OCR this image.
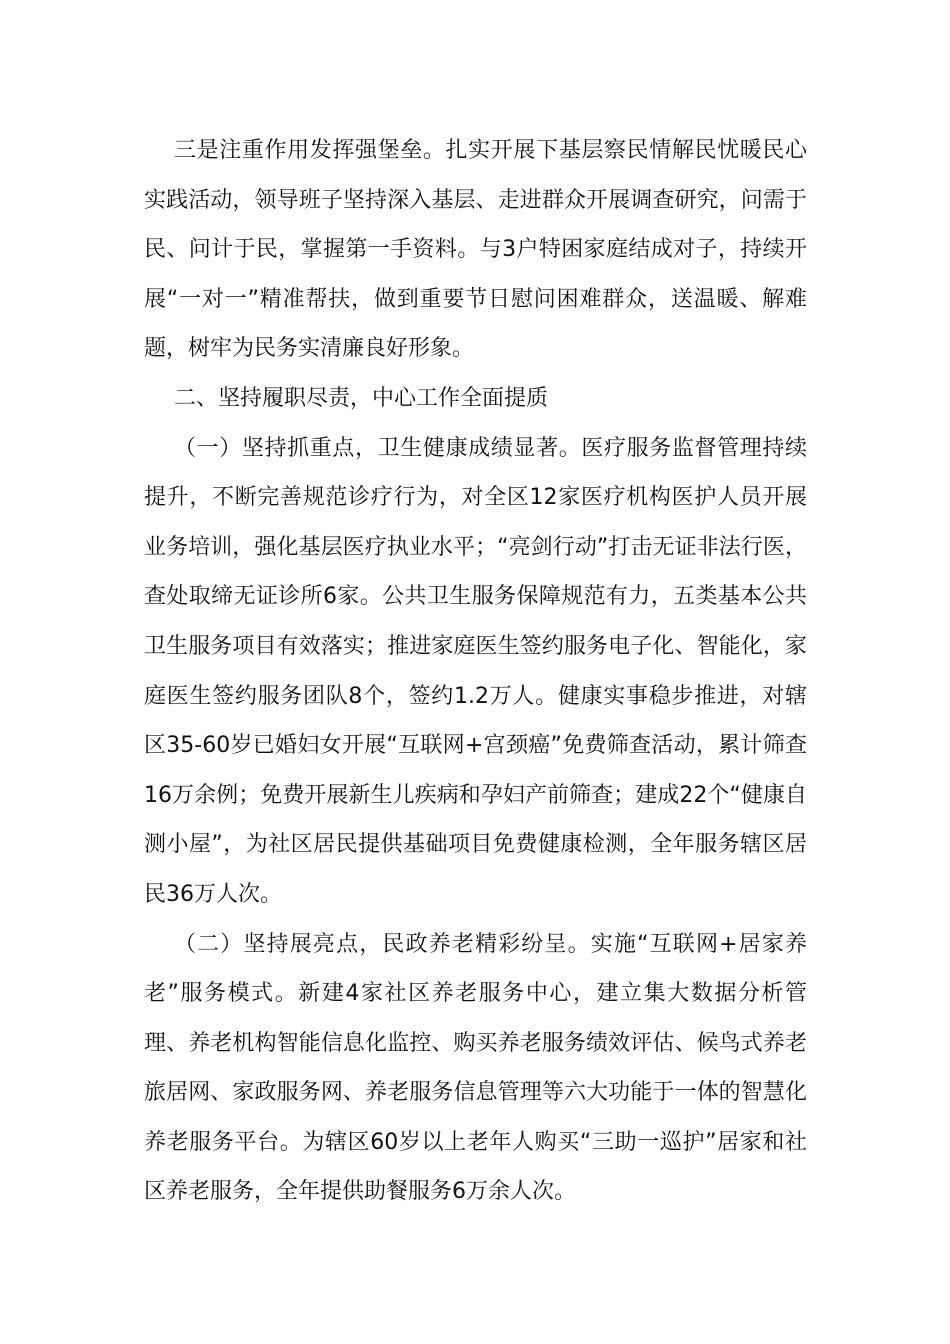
三是注重作用发挥强堡垒。扎实开展下基层察民情解民忧暖民心实践活动，领导班子坚持深入基层、走进群众开展调查研究，问需于民、问计于民，掌握第一手资料。与3户特困家庭结成对子，持续开展“一对一”精准帮扶，做到重要节日慰问困难群众，送温暖、解难题，树牢为民务实清廉良好形象。

二、坚持履职尽责，中心工作全面提质

（一）坚持抓重点，卫生健康成绩显著。医疗服务监督管理持续提升，不断完善规范诊疗行为，对全区12家医疗机构医护人员开展业务培训，强化基层医疗执业水平；“亮剑行动”打击无证非法行医，查处取缔无证诊所6家。公共卫生服务保障规范有力，五类基本公共卫生服务项目有效落实；推进家庭医生签约服务电子化、智能化，家庭医生签约服务团队8个，签约1.2万人。健康实事稳步推进，对辖区35-60岁已婚妇女开展“互联网+宫颈癌”免费筛查活动，累计筛查16万余例；免费开展新生儿疾病和孕妇产前筛查；建成22个“健康自测小屋”，为社区居民提供基础项目免费健康检测，全年服务辖区居民36万人次。

（二）坚持展亮点，民政养老精彩纷呈。实施“互联网+居家养老”服务模式。新建4家社区养老服务中心，建立集大数据分析管理、养老机构智能信息化监控、购买养老服务绩效评估、候鸟式养老旅居网、家政服务网、养老服务信息管理等六大功能于一体的智慧化养老服务平台。为辖区60岁以上老年人购买“三助一巡护”居家和社区养老服务，全年提供助餐服务6万余人次。
